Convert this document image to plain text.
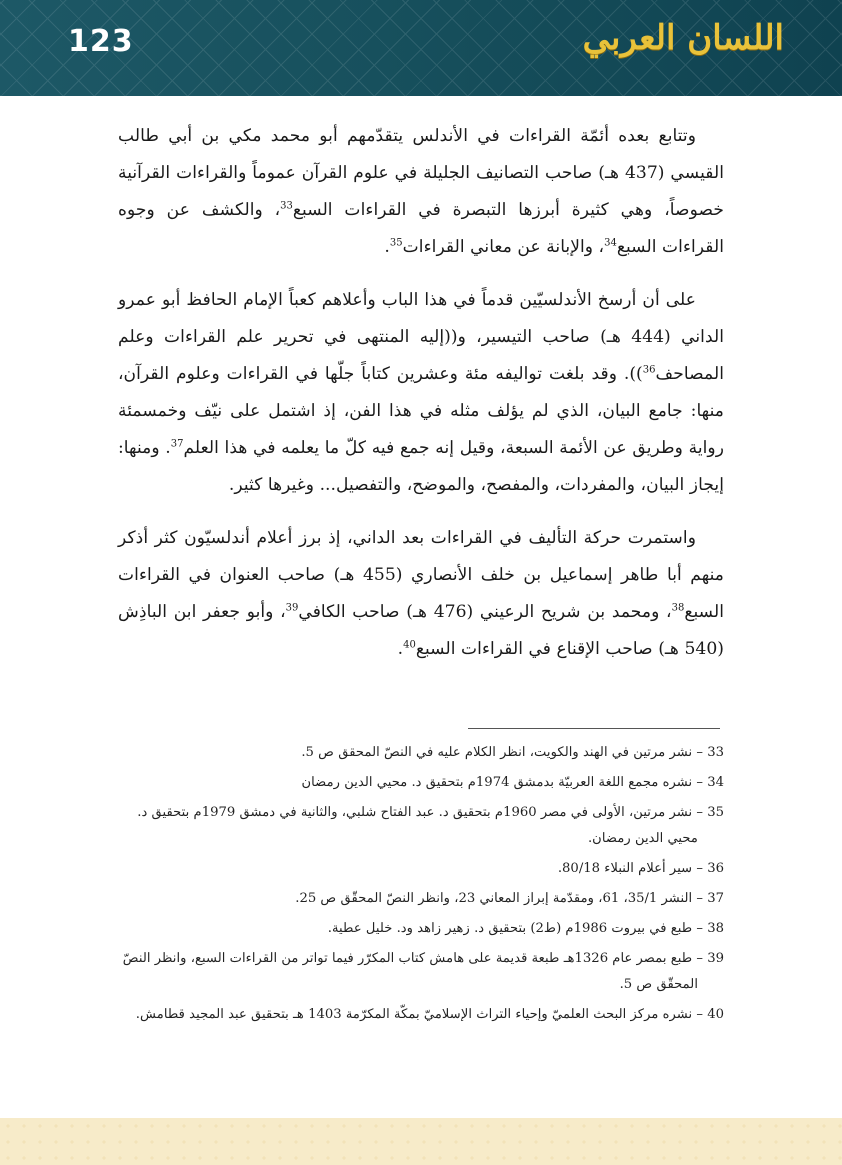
123	اللسان العربي

وتتابع بعده أئمّة القراءات في الأندلس يتقدّمهم أبو محمد مكي بن أبي طالب القيسي (437 هـ) صاحب التصانيف الجليلة في علوم القرآن عموماً والقراءات القرآنية خصوصاً، وهي كثيرة أبرزها التبصرة في القراءات السبع$^{33}$، والكشف عن وجوه القراءات السبع$^{34}$، والإبانة عن معاني القراءات$^{35}$.

على أن أرسخ الأندلسيّين قدماً في هذا الباب وأعلاهم كعباً الإمام الحافظ أبو عمرو الداني (444 هـ) صاحب التيسير، و((إليه المنتهى في تحرير علم القراءات وعلم المصاحف$^{36}$)). وقد بلغت تواليفه مئة وعشرين كتاباً جلّها في القراءات وعلوم القرآن، منها: جامع البيان، الذي لم يؤلف مثله في هذا الفن، إذ اشتمل على نيّف وخمسمئة رواية وطريق عن الأئمة السبعة، وقيل إنه جمع فيه كلّ ما يعلمه في هذا العلم$^{37}$. ومنها: إيجاز البيان، والمفردات، والمفصح، والموضح، والتفصيل... وغيرها كثير.

واستمرت حركة التأليف في القراءات بعد الداني، إذ برز أعلام أندلسيّون كثر أذكر منهم أبا طاهر إسماعيل بن خلف الأنصاري (455 هـ) صاحب العنوان في القراءات السبع$^{38}$، ومحمد بن شريح الرعيني (476 هـ) صاحب الكافي$^{39}$، وأبو جعفر ابن الباذِش (540 هـ) صاحب الإقناع في القراءات السبع$^{40}$.

33 – نشر مرتين في الهند والكويت، انظر الكلام عليه في النصّ المحقق ص 5.
34 – نشره مجمع اللغة العربيّة بدمشق 1974م بتحقيق د. محيي الدين رمضان
35 – نشر مرتين، الأولى في مصر 1960م بتحقيق د. عبد الفتاح شلبي، والثانية في دمشق 1979م بتحقيق د. محيي الدين رمضان.
36 – سير أعلام النبلاء 80/18.
37 – النشر 35/1، 61، ومقدّمة إبراز المعاني 23، وانظر النصّ المحقّق ص 25.
38 – طبع في بيروت 1986م (ط2) بتحقيق د. زهير زاهد ود. خليل عطية.
39 – طبع بمصر عام 1326هـ طبعة قديمة على هامش كتاب المكرّر فيما تواتر من القراءات السبع، وانظر النصّ المحقّق ص 5.
40 – نشره مركز البحث العلميّ وإحياء التراث الإسلاميّ بمكّة المكرّمة 1403 هـ بتحقيق عبد المجيد قطامش.
